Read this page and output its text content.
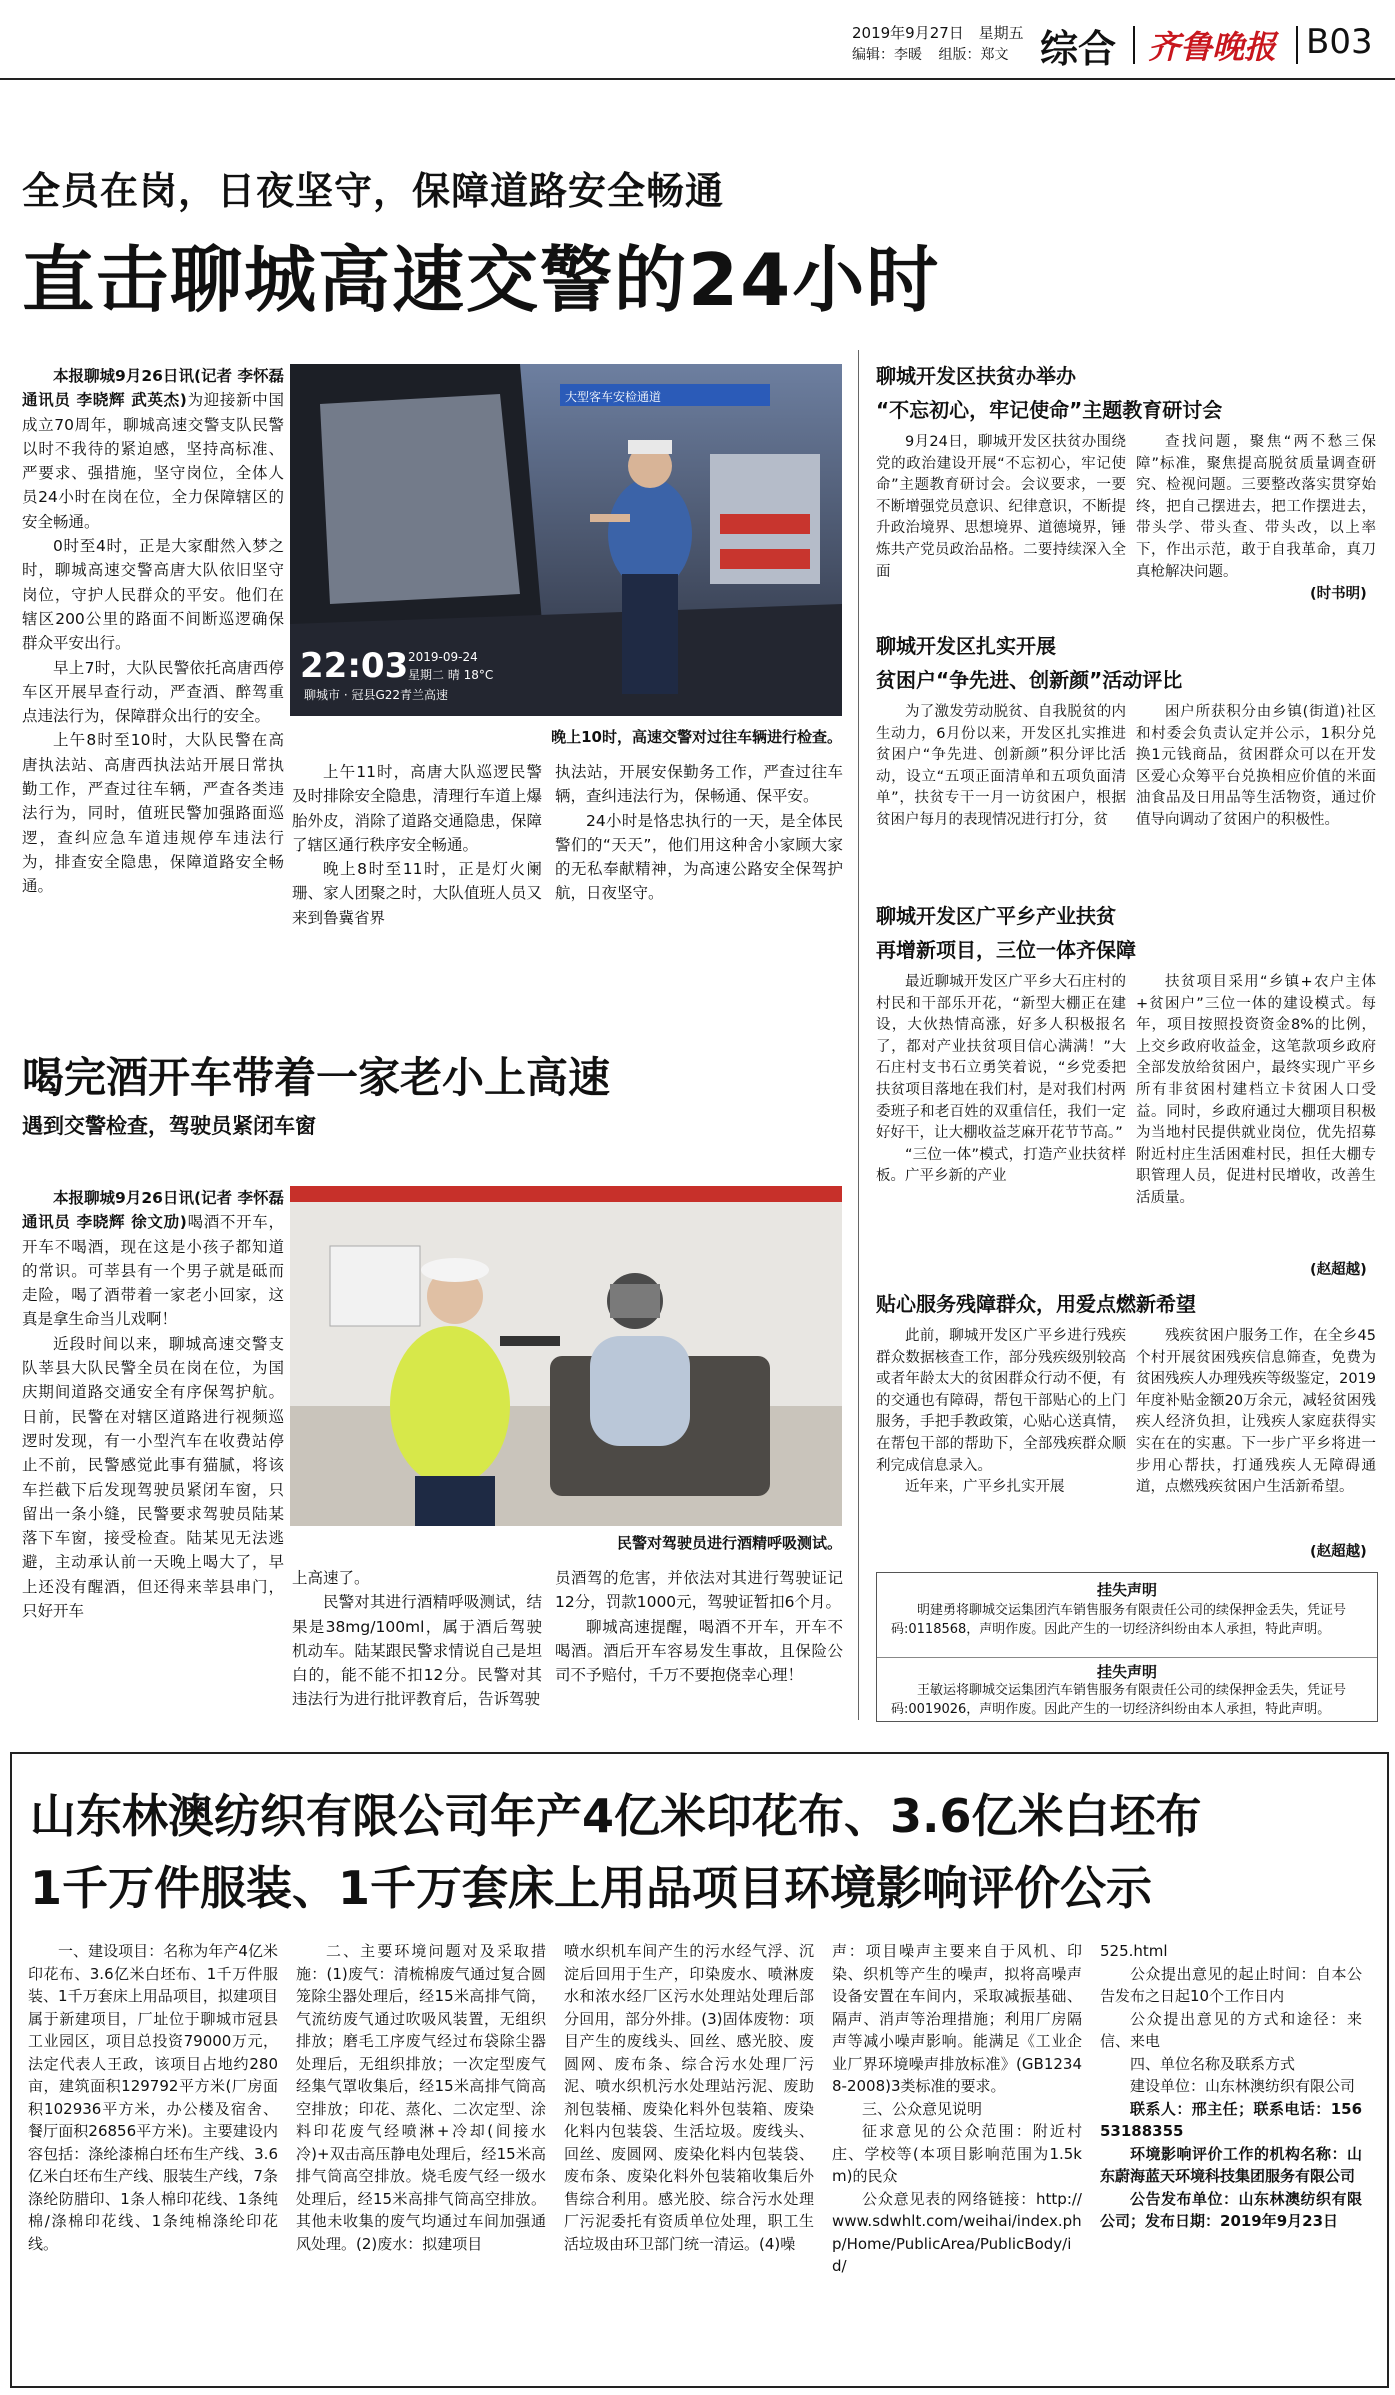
2019年9月27日 星期五
编辑：李暖 组版：郑文 综合 齐鲁晚报 B03
全员在岗，日夜坚守，保障道路安全畅通
直击聊城高速交警的24小时

本报聊城9月26日讯(记者 李怀磊 通讯员 李晓辉 武英杰)为迎接新中国成立70周年，聊城高速交警支队民警以时不我待的紧迫感，坚持高标准、严要求、强措施，坚守岗位，全体人员24小时在岗在位，全力保障辖区的安全畅通。

0时至4时，正是大家酣然入梦之时，聊城高速交警高唐大队依旧坚守岗位，守护人民群众的平安。他们在辖区200公里的路面不间断巡逻确保群众平安出行。

早上7时，大队民警依托高唐西停车区开展早查行动，严查酒、醉驾重点违法行为，保障群众出行的安全。

上午8时至10时，大队民警在高唐执法站、高唐西执法站开展日常执勤工作，严查过往车辆，严查各类违法行为，同时，值班民警加强路面巡逻，查纠应急车道违规停车违法行为，排查安全隐患，保障道路安全畅通。

22:03 2019-09-24
星期二 晴 18°C
聊城市 · 冠县G22青兰高速
大型客车安检通道
晚上10时，高速交警对过往车辆进行检查。

上午11时，高唐大队巡逻民警及时排除安全隐患，清理行车道上爆胎外皮，消除了道路交通隐患，保障了辖区通行秩序安全畅通。

晚上8时至11时，正是灯火阑珊、家人团聚之时，大队值班人员又来到鲁冀省界

执法站，开展安保勤务工作，严查过往车辆，查纠违法行为，保畅通、保平安。

24小时是恪忠执行的一天，是全体民警们的“天天”，他们用这种舍小家顾大家的无私奉献精神，为高速公路安全保驾护航，日夜坚守。

喝完酒开车带着一家老小上高速
遇到交警检查，驾驶员紧闭车窗

本报聊城9月26日讯(记者 李怀磊 通讯员 李晓辉 徐文劢)喝酒不开车，开车不喝酒，现在这是小孩子都知道的常识。可莘县有一个男子就是砥而走险，喝了酒带着一家老小回家，这真是拿生命当儿戏啊！

近段时间以来，聊城高速交警支队莘县大队民警全员在岗在位，为国庆期间道路交通安全有序保驾护航。日前，民警在对辖区道路进行视频巡逻时发现，有一小型汽车在收费站停止不前，民警感觉此事有猫腻，将该车拦截下后发现驾驶员紧闭车窗，只留出一条小缝，民警要求驾驶员陆某落下车窗，接受检查。陆某见无法逃避，主动承认前一天晚上喝大了，早上还没有醒酒，但还得来莘县串门，只好开车

民警对驾驶员进行酒精呼吸测试。

上高速了。

民警对其进行酒精呼吸测试，结果是38mg/100ml，属于酒后驾驶机动车。陆某跟民警求情说自己是坦白的，能不能不扣12分。民警对其违法行为进行批评教育后，告诉驾驶

员酒驾的危害，并依法对其进行驾驶证记12分，罚款1000元，驾驶证暂扣6个月。

聊城高速提醒，喝酒不开车，开车不喝酒。酒后开车容易发生事故，且保险公司不予赔付，千万不要抱侥幸心理！

聊城开发区扶贫办举办
“不忘初心，牢记使命”主题教育研讨会

9月24日，聊城开发区扶贫办围绕党的政治建设开展“不忘初心，牢记使命”主题教育研讨会。会议要求，一要不断增强党员意识、纪律意识，不断提升政治境界、思想境界、道德境界，锤炼共产党员政治品格。二要持续深入全面

查找问题，聚焦“两不愁三保障”标准，聚焦提高脱贫质量调查研究、检视问题。三要整改落实贯穿始终，把自己摆进去，把工作摆进去，带头学、带头查、带头改，以上率下，作出示范，敢于自我革命，真刀真枪解决问题。

(时书明)
聊城开发区扎实开展
贫困户“争先进、创新颜”活动评比

为了激发劳动脱贫、自我脱贫的内生动力，6月份以来，开发区扎实推进贫困户“争先进、创新颜”积分评比活动，设立“五项正面清单和五项负面清单”，扶贫专干一月一访贫困户，根据贫困户每月的表现情况进行打分，贫

困户所获积分由乡镇(街道)社区和村委会负责认定并公示，1积分兑换1元钱商品，贫困群众可以在开发区爱心众筹平台兑换相应价值的米面油食品及日用品等生活物资，通过价值导向调动了贫困户的积极性。

聊城开发区广平乡产业扶贫
再增新项目，三位一体齐保障

最近聊城开发区广平乡大石庄村的村民和干部乐开花，“新型大棚正在建设，大伙热情高涨，好多人积极报名了，都对产业扶贫项目信心满满！”大石庄村支书石立勇笑着说，“乡党委把扶贫项目落地在我们村，是对我们村两委班子和老百姓的双重信任，我们一定好好干，让大棚收益芝麻开花节节高。”

“三位一体”模式，打造产业扶贫样板。广平乡新的产业

扶贫项目采用“乡镇+农户主体+贫困户”三位一体的建设模式。每年，项目按照投资资金8%的比例，上交乡政府收益金，这笔款项乡政府全部发放给贫困户，最终实现广平乡所有非贫困村建档立卡贫困人口受益。同时，乡政府通过大棚项目积极为当地村民提供就业岗位，优先招募附近村庄生活困难村民，担任大棚专职管理人员，促进村民增收，改善生活质量。

(赵超越)
贴心服务残障群众，用爱点燃新希望

此前，聊城开发区广平乡进行残疾群众数据核查工作，部分残疾级别较高或者年龄太大的贫困群众行动不便，有的交通也有障碍，帮包干部贴心的上门服务，手把手教政策，心贴心送真情，在帮包干部的帮助下，全部残疾群众顺利完成信息录入。

近年来，广平乡扎实开展

残疾贫困户服务工作，在全乡45个村开展贫困残疾信息筛查，免费为贫困残疾人办理残疾等级鉴定，2019年度补贴金额20万余元，减轻贫困残疾人经济负担，让残疾人家庭获得实实在在的实惠。下一步广平乡将进一步用心帮扶，打通残疾人无障碍通道，点燃残疾贫困户生活新希望。

(赵超越)
挂失声明
明建勇将聊城交运集团汽车销售服务有限责任公司的续保押金丢失，凭证号码:0118568，声明作废。因此产生的一切经济纠纷由本人承担，特此声明。
挂失声明
王敏运将聊城交运集团汽车销售服务有限责任公司的续保押金丢失，凭证号码:0019026，声明作废。因此产生的一切经济纠纷由本人承担，特此声明。
山东林澳纺织有限公司年产4亿米印花布、3.6亿米白坯布
1千万件服装、1千万套床上用品项目环境影响评价公示

一、建设项目：名称为年产4亿米印花布、3.6亿米白坯布、1千万件服装、1千万套床上用品项目，拟建项目属于新建项目，厂址位于聊城市冠县工业园区，项目总投资79000万元，法定代表人王政，该项目占地约280亩，建筑面积129792平方米(厂房面积102936平方米，办公楼及宿舍、餐厅面积26856平方米)。主要建设内容包括：涤纶漆棉白坯布生产线、3.6亿米白坯布生产线、服装生产线，7条涤纶防腊印、1条人棉印花线、1条纯棉/涤棉印花线、1条纯棉涤纶印花线。

二、主要环境问题对及采取措施：(1)废气：清梳棉废气通过复合圆笼除尘器处理后，经15米高排气筒，气流纺废气通过吹吸风装置，无组织排放；磨毛工序废气经过布袋除尘器处理后，无组织排放；一次定型废气经集气罩收集后，经15米高排气筒高空排放；印花、蒸化、二次定型、涂料印花废气经喷淋+冷却(间接水冷)+双击高压静电处理后，经15米高排气筒高空排放。烧毛废气经一级水处理后，经15米高排气筒高空排放。其他未收集的废气均通过车间加强通风处理。(2)废水：拟建项目

喷水织机车间产生的污水经气浮、沉淀后回用于生产，印染废水、喷淋废水和浓水经厂区污水处理站处理后部分回用，部分外排。(3)固体废物：项目产生的废线头、回丝、感光胶、废圆网、废布条、综合污水处理厂污泥、喷水织机污水处理站污泥、废助剂包装桶、废染化料外包装箱、废染化料内包装袋、生活垃圾。废线头、回丝、废圆网、废染化料内包装袋、废布条、废染化料外包装箱收集后外售综合利用。感光胶、综合污水处理厂污泥委托有资质单位处理，职工生活垃圾由环卫部门统一清运。(4)噪

声：项目噪声主要来自于风机、印染、织机等产生的噪声，拟将高噪声设备安置在车间内，采取减振基础、隔声、消声等治理措施；利用厂房隔声等减小噪声影响。能满足《工业企业厂界环境噪声排放标准》(GB12348-2008)3类标准的要求。

三、公众意见说明

征求意见的公众范围：附近村庄、学校等(本项目影响范围为1.5km)的民众

公众意见表的网络链接：http://www.sdwhlt.com/weihai/index.php/Home/PublicArea/PublicBody/id/

525.html

公众提出意见的起止时间：自本公告发布之日起10个工作日内

公众提出意见的方式和途径：来信、来电

四、单位名称及联系方式

建设单位：山东林澳纺织有限公司

联系人：邢主任；联系电话：15653188355

环境影响评价工作的机构名称：山东蔚海蓝天环境科技集团服务有限公司

公告发布单位：山东林澳纺织有限公司；发布日期：2019年9月23日
